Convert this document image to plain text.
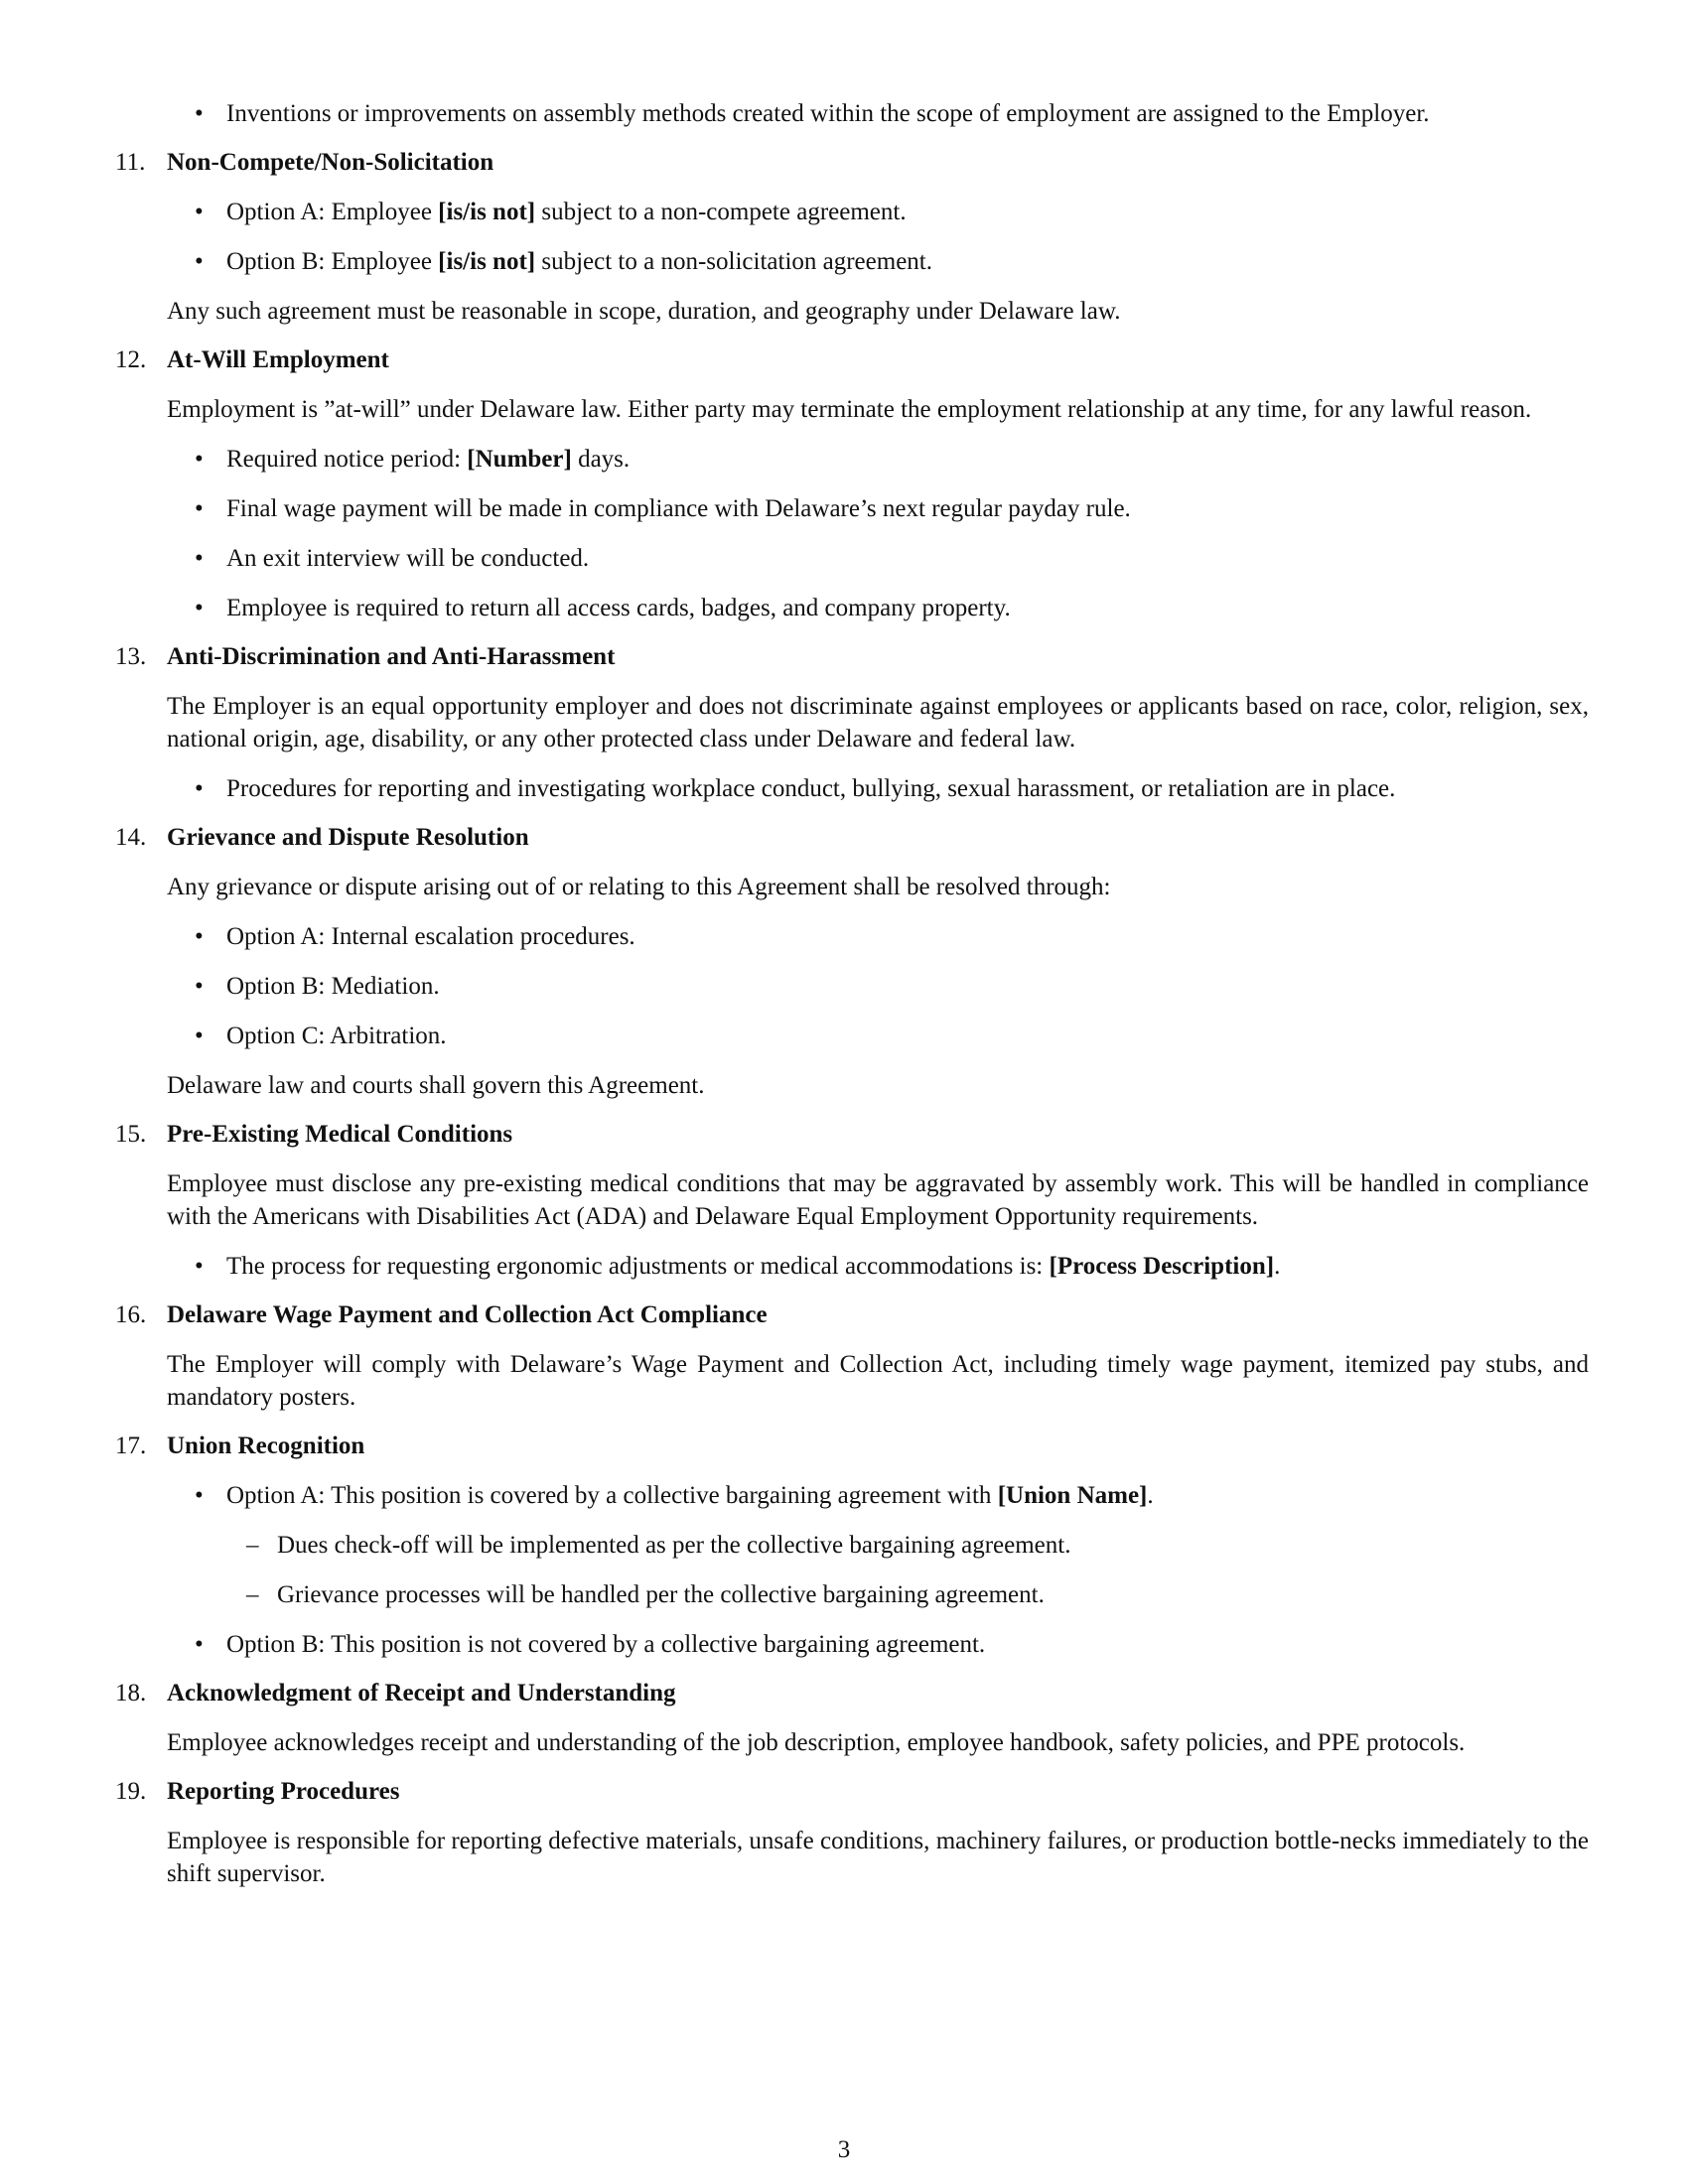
• Inventions or improvements on assembly methods created within the scope of employment are assigned to the Employer.
11. Non-Compete/Non-Solicitation
• Option A: Employee [is/is not] subject to a non-compete agreement.
• Option B: Employee [is/is not] subject to a non-solicitation agreement.

Any such agreement must be reasonable in scope, duration, and geography under Delaware law.

12. At-Will Employment

Employment is ”at-will” under Delaware law. Either party may terminate the employment relationship at any time, for any lawful reason.

• Required notice period: [Number] days.
• Final wage payment will be made in compliance with Delaware’s next regular payday rule.
• An exit interview will be conducted.
• Employee is required to return all access cards, badges, and company property.
13. Anti-Discrimination and Anti-Harassment

The Employer is an equal opportunity employer and does not discriminate against employees or applicants based on race, color, religion, sex, national origin, age, disability, or any other protected class under Delaware and federal law.

• Procedures for reporting and investigating workplace conduct, bullying, sexual harassment, or retaliation are in place.
14. Grievance and Dispute Resolution

Any grievance or dispute arising out of or relating to this Agreement shall be resolved through:

• Option A: Internal escalation procedures.
• Option B: Mediation.
• Option C: Arbitration.

Delaware law and courts shall govern this Agreement.

15. Pre-Existing Medical Conditions

Employee must disclose any pre-existing medical conditions that may be aggravated by assembly work. This will be handled in compliance with the Americans with Disabilities Act (ADA) and Delaware Equal Employment Opportunity requirements.

• The process for requesting ergonomic adjustments or medical accommodations is: [Process Description].
16. Delaware Wage Payment and Collection Act Compliance

The Employer will comply with Delaware’s Wage Payment and Collection Act, including timely wage payment, itemized pay stubs, and mandatory posters.

17. Union Recognition
• Option A: This position is covered by a collective bargaining agreement with [Union Name].
– Dues check-off will be implemented as per the collective bargaining agreement.
– Grievance processes will be handled per the collective bargaining agreement.
• Option B: This position is not covered by a collective bargaining agreement.
18. Acknowledgment of Receipt and Understanding

Employee acknowledges receipt and understanding of the job description, employee handbook, safety policies, and PPE protocols.

19. Reporting Procedures

Employee is responsible for reporting defective materials, unsafe conditions, machinery failures, or production bottle-necks immediately to the shift supervisor.

3
